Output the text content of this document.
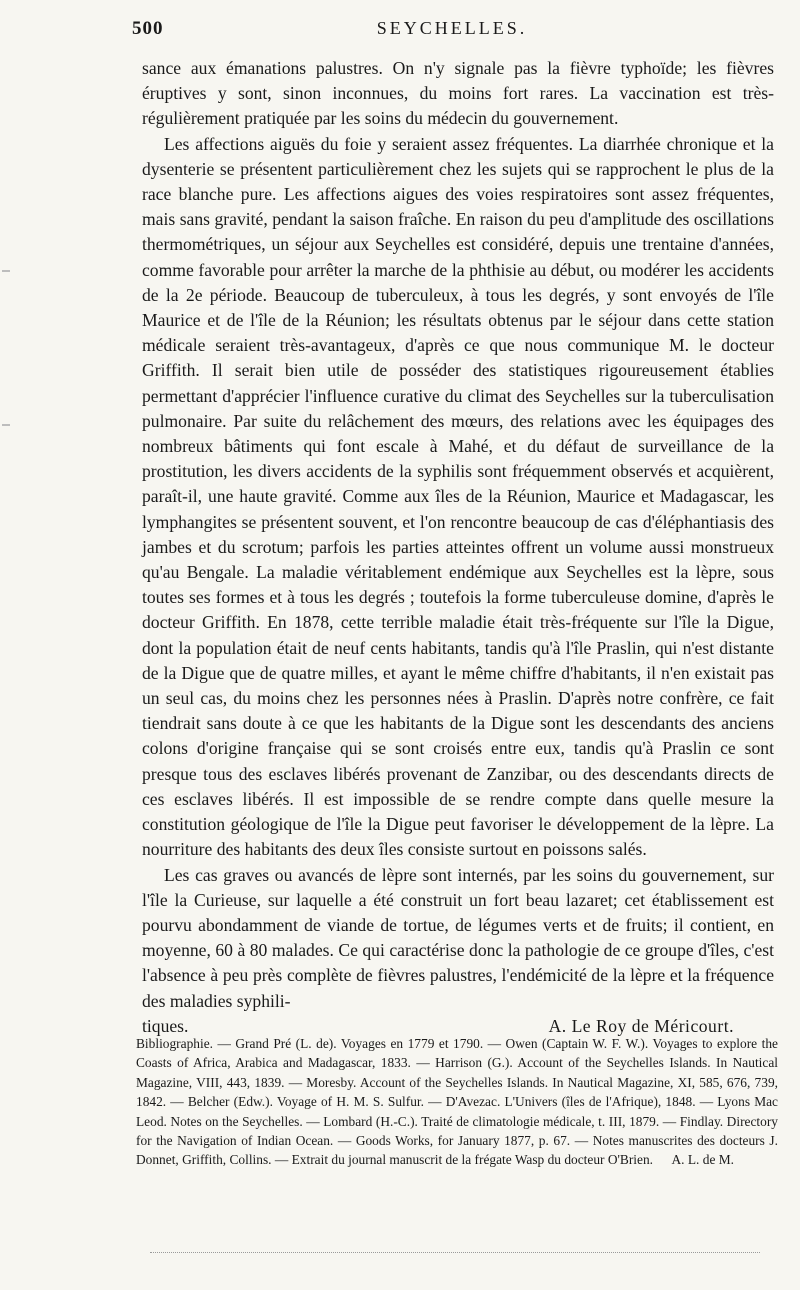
500	SEYCHELLES.

sance aux émanations palustres. On n'y signale pas la fièvre typhoïde; les fièvres éruptives y sont, sinon inconnues, du moins fort rares. La vaccination est très-régulièrement pratiquée par les soins du médecin du gouvernement.

Les affections aiguës du foie y seraient assez fréquentes. La diarrhée chronique et la dysenterie se présentent particulièrement chez les sujets qui se rapprochent le plus de la race blanche pure. Les affections aigues des voies respiratoires sont assez fréquentes, mais sans gravité, pendant la saison fraîche. En raison du peu d'amplitude des oscillations thermométriques, un séjour aux Seychelles est considéré, depuis une trentaine d'années, comme favorable pour arrêter la marche de la phthisie au début, ou modérer les accidents de la 2e période. Beaucoup de tuberculeux, à tous les degrés, y sont envoyés de l'île Maurice et de l'île de la Réunion; les résultats obtenus par le séjour dans cette station médicale seraient très-avantageux, d'après ce que nous communique M. le docteur Griffith. Il serait bien utile de posséder des statistiques rigoureusement établies permettant d'apprécier l'influence curative du climat des Seychelles sur la tuberculisation pulmonaire. Par suite du relâchement des mœurs, des relations avec les équipages des nombreux bâtiments qui font escale à Mahé, et du défaut de surveillance de la prostitution, les divers accidents de la syphilis sont fréquemment observés et acquièrent, paraît-il, une haute gravité. Comme aux îles de la Réunion, Maurice et Madagascar, les lymphangites se présentent souvent, et l'on rencontre beaucoup de cas d'éléphantiasis des jambes et du scrotum; parfois les parties atteintes offrent un volume aussi monstrueux qu'au Bengale. La maladie véritablement endémique aux Seychelles est la lèpre, sous toutes ses formes et à tous les degrés ; toutefois la forme tuberculeuse domine, d'après le docteur Griffith. En 1878, cette terrible maladie était très-fréquente sur l'île la Digue, dont la population était de neuf cents habitants, tandis qu'à l'île Praslin, qui n'est distante de la Digue que de quatre milles, et ayant le même chiffre d'habitants, il n'en existait pas un seul cas, du moins chez les personnes nées à Praslin. D'après notre confrère, ce fait tiendrait sans doute à ce que les habitants de la Digue sont les descendants des anciens colons d'origine française qui se sont croisés entre eux, tandis qu'à Praslin ce sont presque tous des esclaves libérés provenant de Zanzibar, ou des descendants directs de ces esclaves libérés. Il est impossible de se rendre compte dans quelle mesure la constitution géologique de l'île la Digue peut favoriser le développement de la lèpre. La nourriture des habitants des deux îles consiste surtout en poissons salés.

Les cas graves ou avancés de lèpre sont internés, par les soins du gouvernement, sur l'île la Curieuse, sur laquelle a été construit un fort beau lazaret; cet établissement est pourvu abondamment de viande de tortue, de légumes verts et de fruits; il contient, en moyenne, 60 à 80 malades. Ce qui caractérise donc la pathologie de ce groupe d'îles, c'est l'absence à peu près complète de fièvres palustres, l'endémicité de la lèpre et la fréquence des maladies syphili-

tiques.	A. Le Roy de Méricourt.

Bibliographie. — Grand Pré (L. de). Voyages en 1779 et 1790. — Owen (Captain W. F. W.). Voyages to explore the Coasts of Africa, Arabica and Madagascar, 1833. — Harrison (G.). Account of the Seychelles Islands. In Nautical Magazine, VIII, 443, 1839. — Moresby. Account of the Seychelles Islands. In Nautical Magazine, XI, 585, 676, 739, 1842. — Belcher (Edw.). Voyage of H. M. S. Sulfur. — D'Avezac. L'Univers (îles de l'Afrique), 1848. — Lyons Mac Leod. Notes on the Seychelles. — Lombard (H.-C.). Traité de climatologie médicale, t. III, 1879. — Findlay. Directory for the Navigation of Indian Ocean. — Goods Works, for January 1877, p. 67. — Notes manuscrites des docteurs J. Donnet, Griffith, Collins. — Extrait du journal manuscrit de la frégate Wasp du docteur O'Brien. A. L. de M.
